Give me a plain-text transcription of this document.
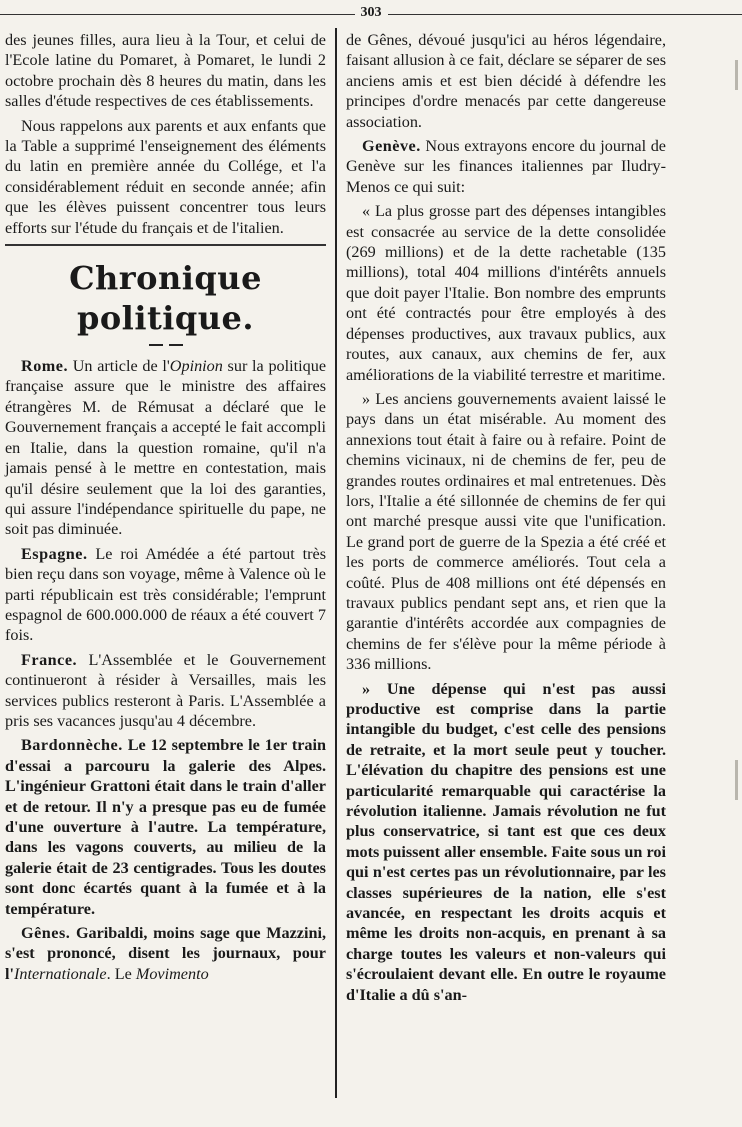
303

des jeunes filles, aura lieu à la Tour, et celui de l'Ecole latine du Pomaret, à Pomaret, le lundi 2 octobre prochain dès 8 heures du matin, dans les salles d'étude respectives de ces établissements.

Nous rappelons aux parents et aux enfants que la Table a supprimé l'enseignement des éléments du latin en première année du Collége, et l'a considérablement réduit en seconde année; afin que les élèves puissent concentrer tous leurs efforts sur l'étude du français et de l'italien.

Chronique politique.

Rome. Un article de l'Opinion sur la politique française assure que le ministre des affaires étrangères M. de Rémusat a déclaré que le Gouvernement français a accepté le fait accompli en Italie, dans la question romaine, qu'il n'a jamais pensé à le mettre en contestation, mais qu'il désire seulement que la loi des garanties, qui assure l'indépendance spirituelle du pape, ne soit pas diminuée.

Espagne. Le roi Amédée a été partout très bien reçu dans son voyage, même à Valence où le parti républicain est très considérable; l'emprunt espagnol de 600.000.000 de réaux a été couvert 7 fois.

France. L'Assemblée et le Gouvernement continueront à résider à Versailles, mais les services publics resteront à Paris. L'Assemblée a pris ses vacances jusqu'au 4 décembre.

Bardonnèche. Le 12 septembre le 1er train d'essai a parcouru la galerie des Alpes. L'ingénieur Grattoni était dans le train d'aller et de retour. Il n'y a presque pas eu de fumée d'une ouverture à l'autre. La température, dans les vagons couverts, au milieu de la galerie était de 23 centigrades. Tous les doutes sont donc écartés quant à la fumée et à la température.

Gênes. Garibaldi, moins sage que Mazzini, s'est prononcé, disent les journaux, pour l'Internationale. Le Movimento

de Gênes, dévoué jusqu'ici au héros légendaire, faisant allusion à ce fait, déclare se séparer de ses anciens amis et est bien décidé à défendre les principes d'ordre menacés par cette dangereuse association.

Genève. Nous extrayons encore du journal de Genève sur les finances italiennes par Iludry-Menos ce qui suit:

« La plus grosse part des dépenses intangibles est consacrée au service de la dette consolidée (269 millions) et de la dette rachetable (135 millions), total 404 millions d'intérêts annuels que doit payer l'Italie. Bon nombre des emprunts ont été contractés pour être employés à des dépenses productives, aux travaux publics, aux routes, aux canaux, aux chemins de fer, aux améliorations de la viabilité terrestre et maritime.

» Les anciens gouvernements avaient laissé le pays dans un état misérable. Au moment des annexions tout était à faire ou à refaire. Point de chemins vicinaux, ni de chemins de fer, peu de grandes routes ordinaires et mal entretenues. Dès lors, l'Italie a été sillonnée de chemins de fer qui ont marché presque aussi vite que l'unification. Le grand port de guerre de la Spezia a été créé et les ports de commerce améliorés. Tout cela a coûté. Plus de 408 millions ont été dépensés en travaux publics pendant sept ans, et rien que la garantie d'intérêts accordée aux compagnies de chemins de fer s'élève pour la même période à 336 millions.

» Une dépense qui n'est pas aussi productive est comprise dans la partie intangible du budget, c'est celle des pensions de retraite, et la mort seule peut y toucher. L'élévation du chapitre des pensions est une particularité remarquable qui caractérise la révolution italienne. Jamais révolution ne fut plus conservatrice, si tant est que ces deux mots puissent aller ensemble. Faite sous un roi qui n'est certes pas un révolutionnaire, par les classes supérieures de la nation, elle s'est avancée, en respectant les droits acquis et même les droits non-acquis, en prenant à sa charge toutes les valeurs et non-valeurs qui s'écroulaient devant elle. En outre le royaume d'Italie a dû s'an-
